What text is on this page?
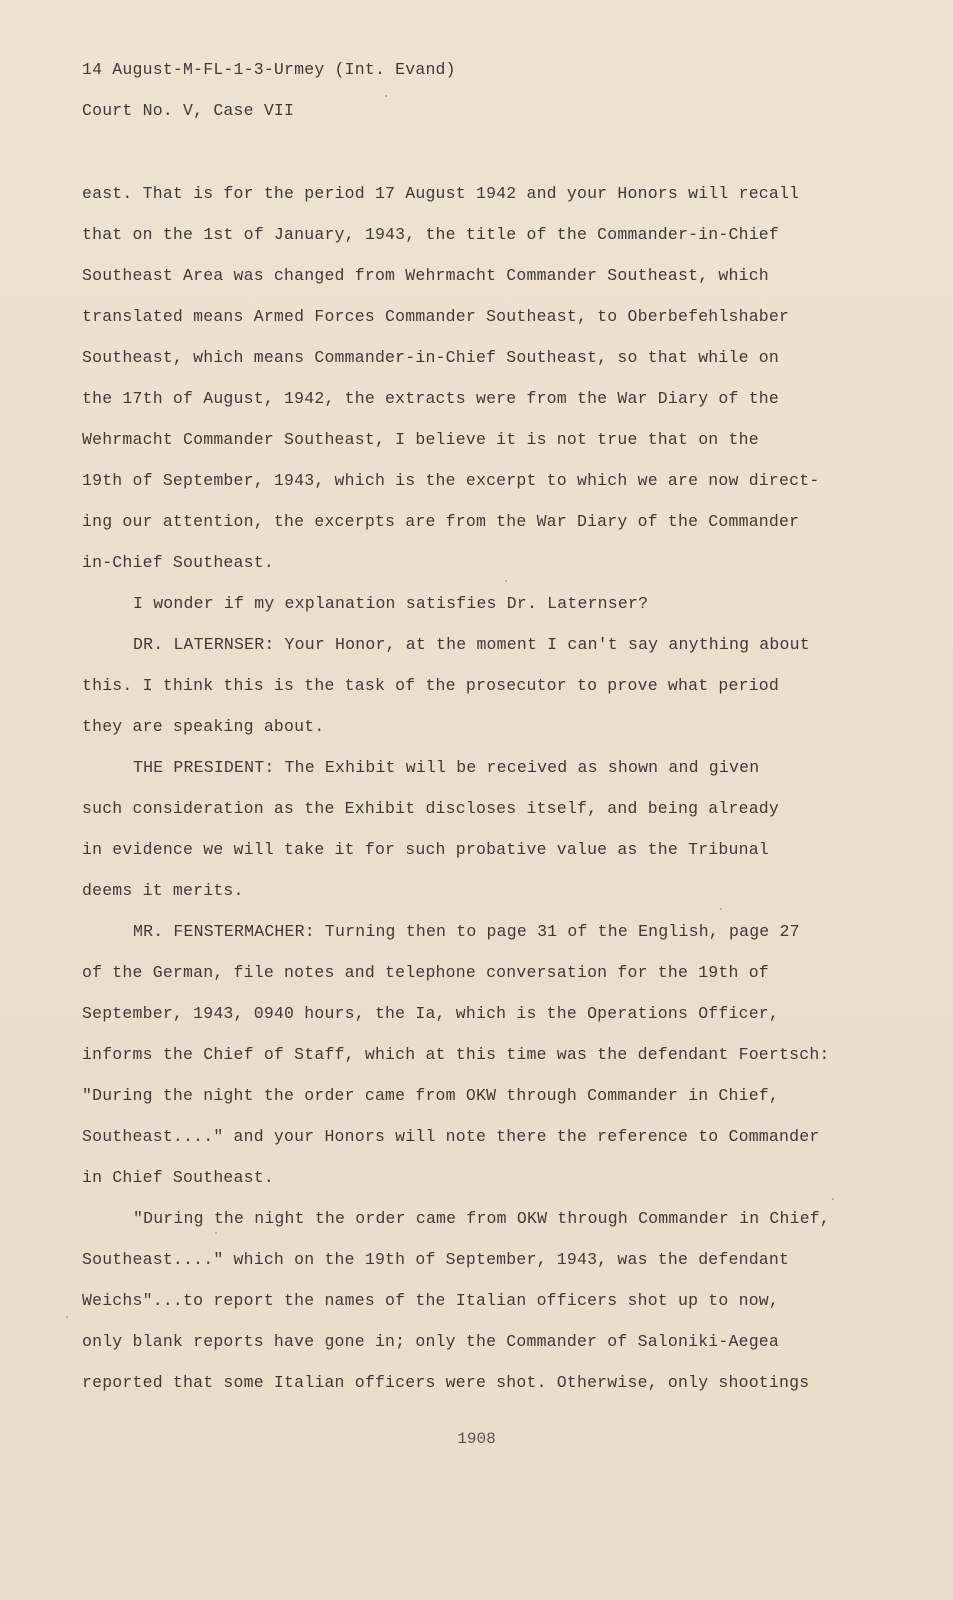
14 August-M-FL-1-3-Urmey (Int. Evand)
Court No. V, Case VII
east. That is for the period 17 August 1942 and your Honors will recall
that on the 1st of January, 1943, the title of the Commander-in-Chief
Southeast Area was changed from Wehrmacht Commander Southeast, which
translated means Armed Forces Commander Southeast, to Oberbefehlshaber
Southeast, which means Commander-in-Chief Southeast, so that while on
the 17th of August, 1942, the extracts were from the War Diary of the
Wehrmacht Commander Southeast, I believe it is not true that on the
19th of September, 1943, which is the excerpt to which we are now direct-
ing our attention, the excerpts are from the War Diary of the Commander
in-Chief Southeast.
I wonder if my explanation satisfies Dr. Laternser?
DR. LATERNSER: Your Honor, at the moment I can't say anything about
this. I think this is the task of the prosecutor to prove what period
they are speaking about.
THE PRESIDENT: The Exhibit will be received as shown and given
such consideration as the Exhibit discloses itself, and being already
in evidence we will take it for such probative value as the Tribunal
deems it merits.
MR. FENSTERMACHER: Turning then to page 31 of the English, page 27
of the German, file notes and telephone conversation for the 19th of
September, 1943, 0940 hours, the Ia, which is the Operations Officer,
informs the Chief of Staff, which at this time was the defendant Foertsch:
"During the night the order came from OKW through Commander in Chief,
Southeast...." and your Honors will note there the reference to Commander
in Chief Southeast.
"During the night the order came from OKW through Commander in Chief,
Southeast...." which on the 19th of September, 1943, was the defendant
Weichs"...to report the names of the Italian officers shot up to now,
only blank reports have gone in; only the Commander of Saloniki-Aegea
reported that some Italian officers were shot. Otherwise, only shootings
1908
